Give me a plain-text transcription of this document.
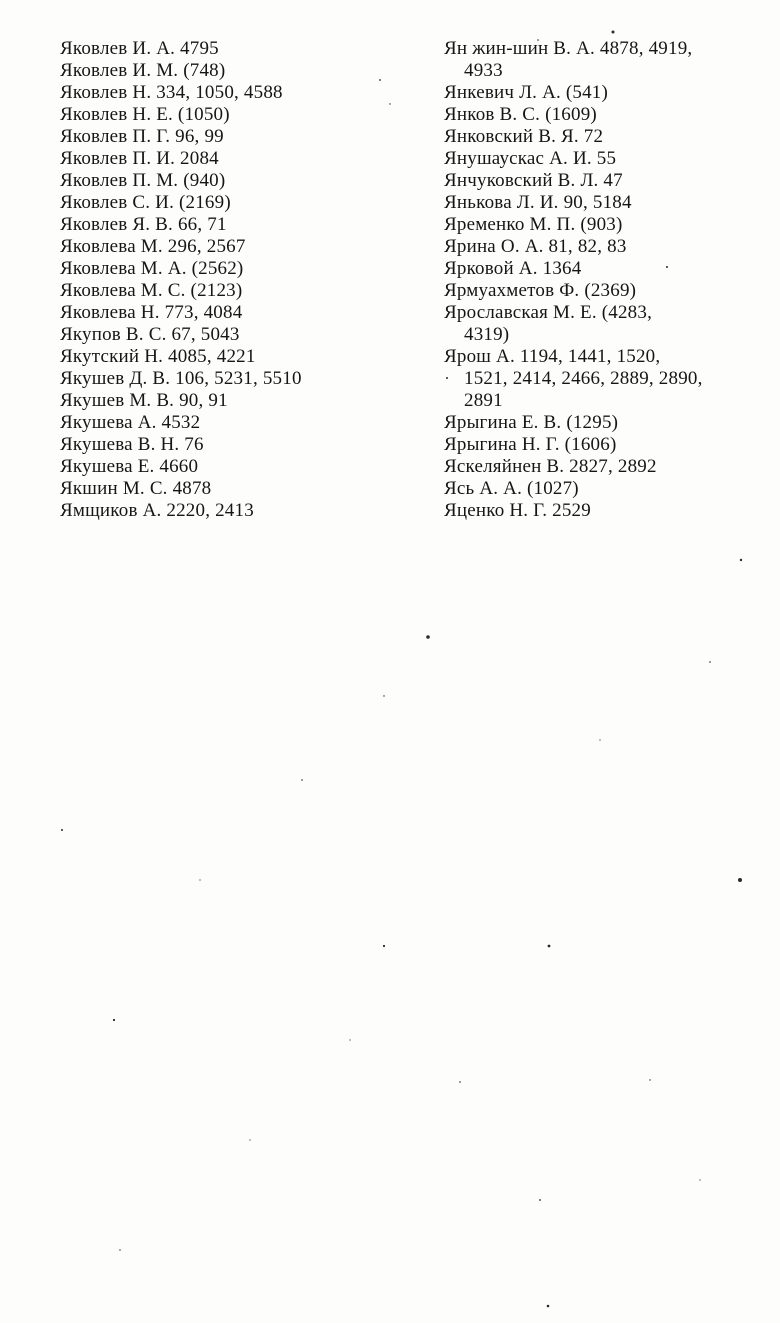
Яковлев И. А. 4795
Яковлев И. М. (748)
Яковлев Н. 334, 1050, 4588
Яковлев Н. Е. (1050)
Яковлев П. Г. 96, 99
Яковлев П. И. 2084
Яковлев П. М. (940)
Яковлев С. И. (2169)
Яковлев Я. В. 66, 71
Яковлева М. 296, 2567
Яковлева М. А. (2562)
Яковлева М. С. (2123)
Яковлева Н. 773, 4084
Якупов В. С. 67, 5043
Якутский Н. 4085, 4221
Якушев Д. В. 106, 5231, 5510
Якушев М. В. 90, 91
Якушева А. 4532
Якушева В. Н. 76
Якушева Е. 4660
Якшин М. С. 4878
Ямщиков А. 2220, 2413
Ян жин-шин В. А. 4878, 4919,
4933
Янкевич Л. А. (541)
Янков В. С. (1609)
Янковский В. Я. 72
Янушаускас А. И. 55
Янчуковский В. Л. 47
Янькова Л. И. 90, 5184
Яременко М. П. (903)
Ярина О. А. 81, 82, 83
Ярковой А. 1364
Ярмуахметов Ф. (2369)
Ярославская М. Е. (4283,
4319)
Ярош А. 1194, 1441, 1520,
1521, 2414, 2466, 2889, 2890,
2891
Ярыгина Е. В. (1295)
Ярыгина Н. Г. (1606)
Яскеляйнен В. 2827, 2892
Ясь А. А. (1027)
Яценко Н. Г. 2529
